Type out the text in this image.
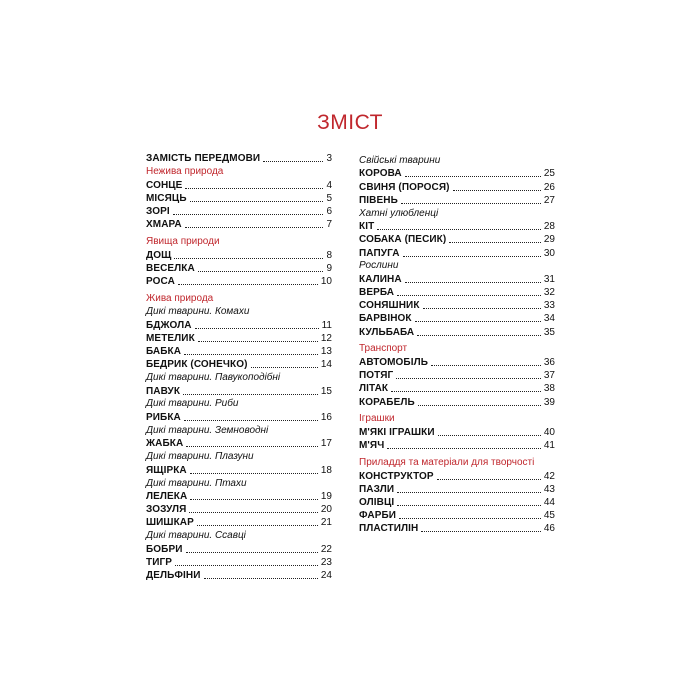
ЗМІСТ
ЗАМІСТЬ ПЕРЕДМОВИ	3
Нежива природа
СОНЦЕ	4
МІСЯЦЬ	5
ЗОРІ	6
ХМАРА	7
Явища природи
ДОЩ	8
ВЕСЕЛКА	9
РОСА	10
Жива природа
Дикі тварини. Комахи
БДЖОЛА	11
МЕТЕЛИК	12
БАБКА	13
БЕДРИК (СОНЕЧКО)	14
Дикі тварини. Павукоподібні
ПАВУК	15
Дикі тварини. Риби
РИБКА	16
Дикі тварини. Земноводні
ЖАБКА	17
Дикі тварини. Плазуни
ЯЩІРКА	18
Дикі тварини. Птахи
ЛЕЛЕКА	19
ЗОЗУЛЯ	20
ШИШКАР	21
Дикі тварини. Ссавці
БОБРИ	22
ТИГР	23
ДЕЛЬФІНИ	24
Свійські тварини
КОРОВА	25
СВИНЯ (ПОРОСЯ)	26
ПІВЕНЬ	27
Хатні улюбленці
КІТ	28
СОБАКА (ПЕСИК)	29
ПАПУГА	30
Рослини
КАЛИНА	31
ВЕРБА	32
СОНЯШНИК	33
БАРВІНОК	34
КУЛЬБАБА	35
Транспорт
АВТОМОБІЛЬ	36
ПОТЯГ	37
ЛІТАК	38
КОРАБЕЛЬ	39
Іграшки
М'ЯКІ ІГРАШКИ	40
М'ЯЧ	41
Приладдя та матеріали для творчості
КОНСТРУКТОР	42
ПАЗЛИ	43
ОЛІВЦІ	44
ФАРБИ	45
ПЛАСТИЛІН	46
